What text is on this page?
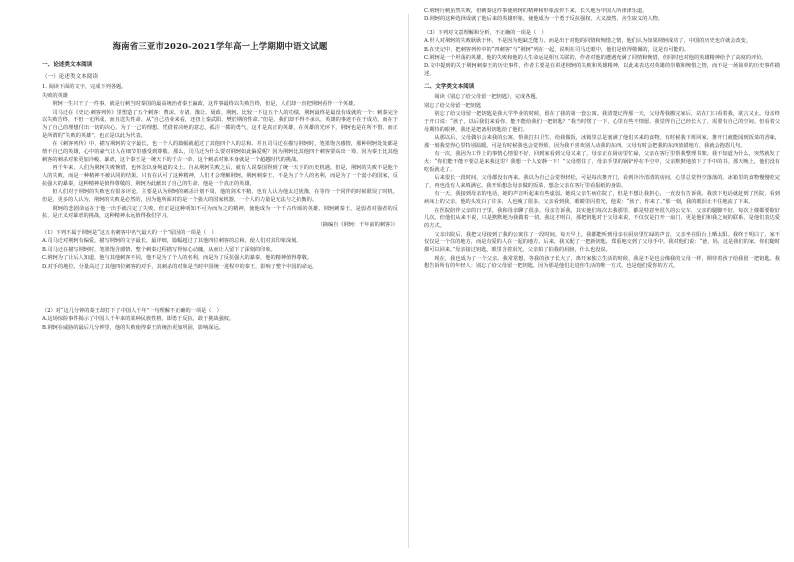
海南省三亚市2020-2021学年高一上学期期中语文试题
一、论述类文本阅读
（一）论述类文本阅读

1. 阅读下面的文字，完成下列各题。

失败的英雄

荆轲一生只干了一件事，就是行刺当时秦国的最高统治者秦王嬴政，这件事最终以失败告终，但是，人们却一直把荆轲看作一个英雄。

司马迁在《史记·刺客列传》里塑造了五个刺客：曹沫、专诸、豫让、聂政、荆轲。比较一下这五个人的功绩，荆轲最终是最没有成就的一个：刺秦完全以失败告终，不但一无所成，而且送失性命。从“自己功业来看，还扭上秦武阳、樊於期的性命。”但是，我们却不得不承认，英雄的事迹不在于成功，而在于为了自己的理想付出一切的决心，为了一己的理想，凭借着决绝的意志，孤注一掷的勇气，这才是真正的英雄，在英雄的光环下，荆轲也是在所不惜，而正是所谓的“失败的英雄”，也正是以此为代表。

在《刺客列传》中，描写荆轲的文字最长，也一个人的篇幅就超过了其他四个人的总和。并且司马迁在描写荆轲时，笔墨饱含感情，那种荆轲处处都是情不自已的英雄，心中的豪气让人在细节里感受到尊敬。那么，司马迁为什么要对荆轲如此偏爱呢？因为荆轲比其他四个刺客要高出一筹，因为秦王比其他刺客的刺杀对象更加冷峻、暴虐，这个秦王是一统天下的千古一帝，这个刺杀对象本身就是一个超越时代的挑战。

再千年来，人们为荆轲失败惋惜，也怀念以身殉道的义士。自从荆轲失败之后，就有人说秦国得到了统一天下的历史机遇。但是，荆轲的失败不是他个人的失败，而是一种精神不被认同的结果。只有在认可了这种精神，人们才会理解荆轲。荆轲刺秦王，不是为了个人的名利，而是为了一个弱小的国家，反抗强大的暴秦，这种精神是值得尊敬的，荆轲为此献出了自己的生命，他是一个真正的英雄。

但人们对于荆轲的失败也有很多评论，主要是认为荆轲的刺杀计划不周，他的剑术不精，也有人认为他太过犹豫，在等待一个同伴的时候耽误了时机。但是，更多的人认为，荆轲的失败是必然的，因为他所面对的是一个强大的国家机器，一个人的力量是无法与之抗衡的。

荆轲的悲剧命运在于他一出手就注定了失败，但正是这种明知不可为而为之的精神，使他成为一个千古传颂的英雄。荆轲刺秦王，是弱者对强者的反抗，是正义对暴虐的挑战，这种精神永远值得我们学习。

（摘编自《荆轲：千年前的刺客》）

（1）下列不属于荆轲是“这五名刺客中名气最大的一个”原因的一项是（　）

A.司马迁对荆轲有偏爱，描写荆轲的文字最长，最详细，篇幅超过了其他四位刺客的总和，使人们对其印象深刻。

B.司马迁在描写荆轲时，笔墨饱含感情，整个刺秦过程描写得惊心动魄，从而让人留下了深刻的印象。

C.荆轲为了让后人知道，他与其他刺客不同，他不是为了个人的名利，而是为了反抗强大的暴秦，他的精神值得尊敬。

D.对手的地位，分量高过了其他四位刺客的对手，其刺杀的对象是当时中国统一进程中的秦王，影响了整个中国的命运。

（2）对“这几分钟的秦王却打下了中国人千年”一句理解不正确的一项是（　）

A.这场惊险事件揭示了中国人千年来的某种民族性格，即勇于反抗，敢于挑战强权。

B.荆轲在威胁的最后几分钟里，他的失败使得秦王的统治更加巩固，影响深远。

C.荆轲行刺虽然失败，但刺秦这件事使荆轲的精神和形象流传下来，长久地为中国人所津津乐道。

D.荆轲的这种选择成就了他后来的英雄形象，使他成为一个勇于反抗强权、大义凛然、舍生取义的人物。

（3）下列对文意理解和分析，不正确的一项是（　）

A.世人对荆轲的失败耿耿于怀，不是因为他缺乏能力，而是出于对他的同情和惋惜之情，他们认为如果荆轲成功了，中国的历史也许就会改变。

B.在史记中，把刺客列传中的“四刺客”与“荆轲”列在一起，说明在司马迁眼中，他们是值得敬佩的，这是有可能的。

C.荆轲是一个坦荡的英雄，他的失败和他的人生命运是相互关联的，作者对他的遭遇充满了同情和惋惜，但同时也对他的英雄精神给予了高度的评价。

D.文中提到的关于荆轲刺秦王的历史事件，作者主要是在讲述荆轲的失败和英雄精神，以此来表达对英雄的崇敬和惋惜之情，而不是一场简单的历史事件描述。

二、文学类文本阅读

阅读《别忘了给父母留一把钥匙》，完成各题。

别忘了给父母留一把钥匙

别忘了给父母留一把钥匙是我大学毕业的时候，留在了我的第一套公寓。我清楚记得那一天，父母帮我搬完家后，站在门口看着我，欲言又止。母亲终于开口说：“孩子，以后我们来看你，能不能给我们一把钥匙？”我当时愣了一下，心里有些不情愿。我觉得自己已经长大了，需要有自己的空间。但看着父母期待的眼神，我还是把备用钥匙给了他们。

从那以后，父母偶尔会来我的公寓，帮我打扫卫生，给我做饭，冰箱里总是塞满了他们买来的食物。有时候我下班回家，推开门就能闻到饭菜的香味，那一刻我觉得心里特别温暖。可是有时候我也会觉得烦，因为我不喜欢别人动我的东西，父母有时会把我的东西放错地方，我就会抱怨几句。

有一次，我因为工作上的事情心情很不好，回到家看到父母又来了，母亲正在厨房里忙碌，父亲在客厅里帮我整理书架。我不知道为什么，突然就发了火：“你们能不能不要总是来我这里？我想一个人安静一下！”父母愣住了，母亲手里的锅铲停在半空中，父亲默默地放下了手中的书。那天晚上，他们没有吃饭就走了。

后来很长一段时间，父母都没有再来。我以为自己会觉得轻松，可是每次推开门，看到冷冷清清的房间，心里总觉得空落落的。冰箱里的食物慢慢吃完了，再也没有人来填满它。我开始想念母亲做的饭菜，想念父亲在客厅里看报纸的身影。

有一天，我接到母亲的电话，她的声音听起来有些虚弱。她说父亲生病住院了，但是不想让我担心，一直没有告诉我。我放下电话就赶到了医院，看到病床上的父亲，他的头发白了许多，人也瘦了很多。父亲看到我，眼睛里闪着光，他说：“孩子，你来了。”那一刻，我的眼泪止不住地流了下来。

在医院陪伴父亲的日子里，我和母亲聊了很多。母亲告诉我，其实他们每次去我那里，都是特意坐很久的公交车，父亲的腿脚不好，每次上楼都要歇好几次。但他们从来不说，只是默默地为我做着一切。我这才明白，那把钥匙对于父母来说，不仅仅是打开一扇门，更是他们和我之间的联系，是他们表达爱的方式。

父亲出院后，我把父母接到了我的公寓住了一段时间。每天早上，我都能听到母亲在厨房里忙碌的声音，父亲坐在阳台上晒太阳。我终于明白了，家不仅仅是一个住的地方，而是有爱的人在一起的地方。后来，我又配了一把新钥匙，郑重地交到了父母手中。我对他们说：“爸、妈，这是我们的家，你们随时都可以回来。”母亲接过钥匙，眼里含着泪光，父亲拍了拍我的肩膀，什么也没说。

现在，我也成为了一个父亲。我常常想，等我的孩子长大了，离开家独立生活的时候，我是不是也会像我的父母一样，期待着孩子给我留一把钥匙。我想告诉所有的年轻人：别忘了给父母留一把钥匙，因为那是他们走进你生活的唯一方式，也是他们爱你的方式。
